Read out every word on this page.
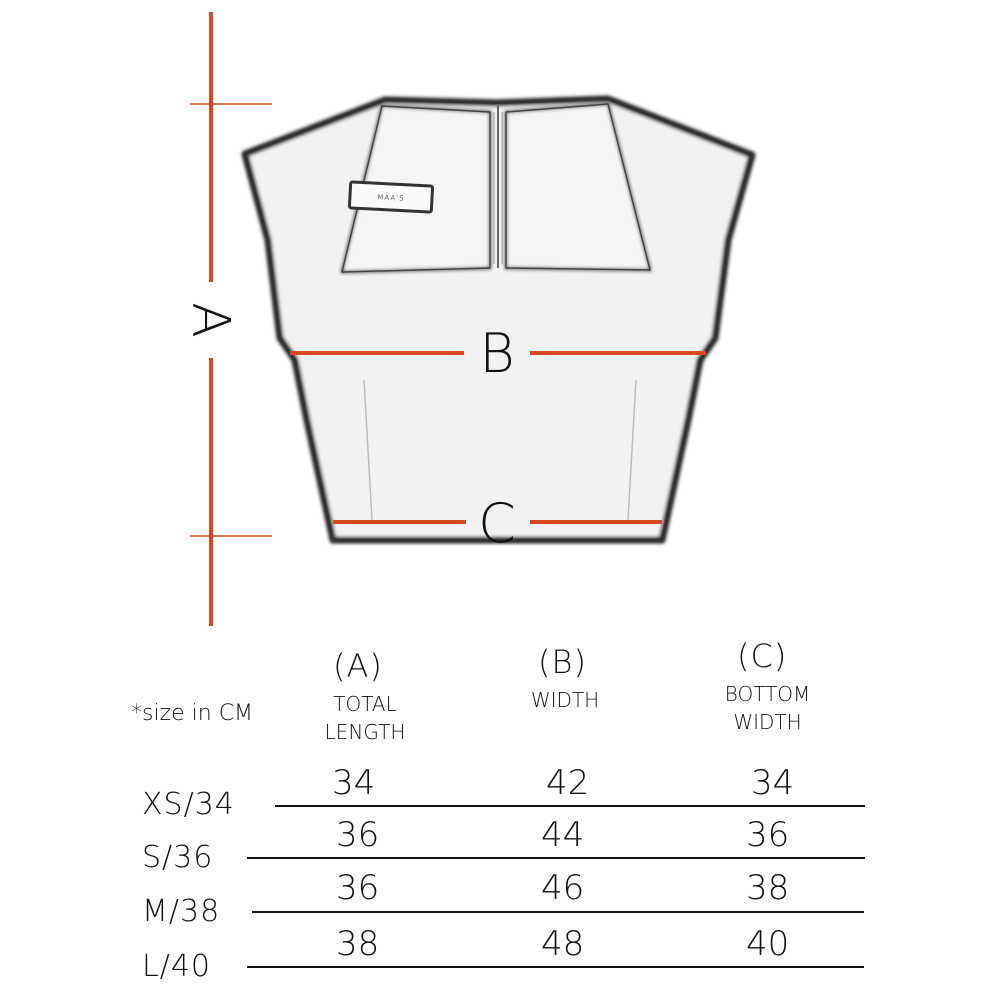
MAA'S
A
B
C
*size in CM
(A)
TOTAL
LENGTH
(B)
WIDTH
(C)
BOTTOM
WIDTH
XS/34
34	42	34
S/36
36	44	36
M/38
36	46	38
L/40
38	48	40
